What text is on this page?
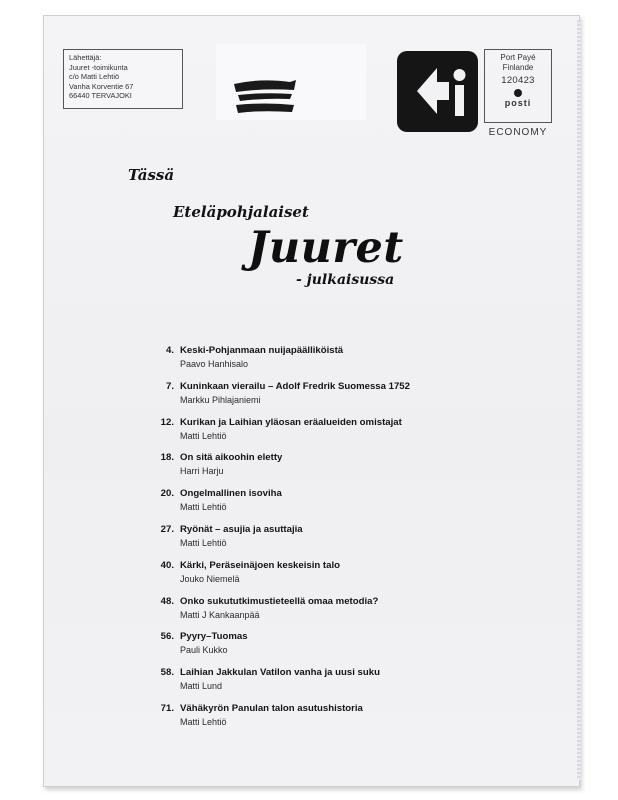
Lähettäjä:
Juuret -toimikunta
c/o Matti Lehtiö
Vanha Korventie 67
66440 TERVAJOKI
Port Payé
Finlande
120423
posti
ECONOMY
Tässä
Eteläpohjalaiset
Juuret
- julkaisussa
4. Keski-Pohjanmaan nuijapäälliköistä
Paavo Hanhisalo
7. Kuninkaan vierailu – Adolf Fredrik Suomessa 1752
Markku Pihlajaniemi
12. Kurikan ja Laihian yläosan eräalueiden omistajat
Matti Lehtiö
18. On sitä aikoohin eletty
Harri Harju
20. Ongelmallinen isoviha
Matti Lehtiö
27. Ryönät – asujia ja asuttajia
Matti Lehtiö
40. Kärki, Peräseinäjoen keskeisin talo
Jouko Niemelä
48. Onko sukututkimustieteellä omaa metodia?
Matti J Kankaanpää
56. Pyyry–Tuomas
Pauli Kukko
58. Laihian Jakkulan Vatilon vanha ja uusi suku
Matti Lund
71. Vähäkyrön Panulan talon asutushistoria
Matti Lehtiö
